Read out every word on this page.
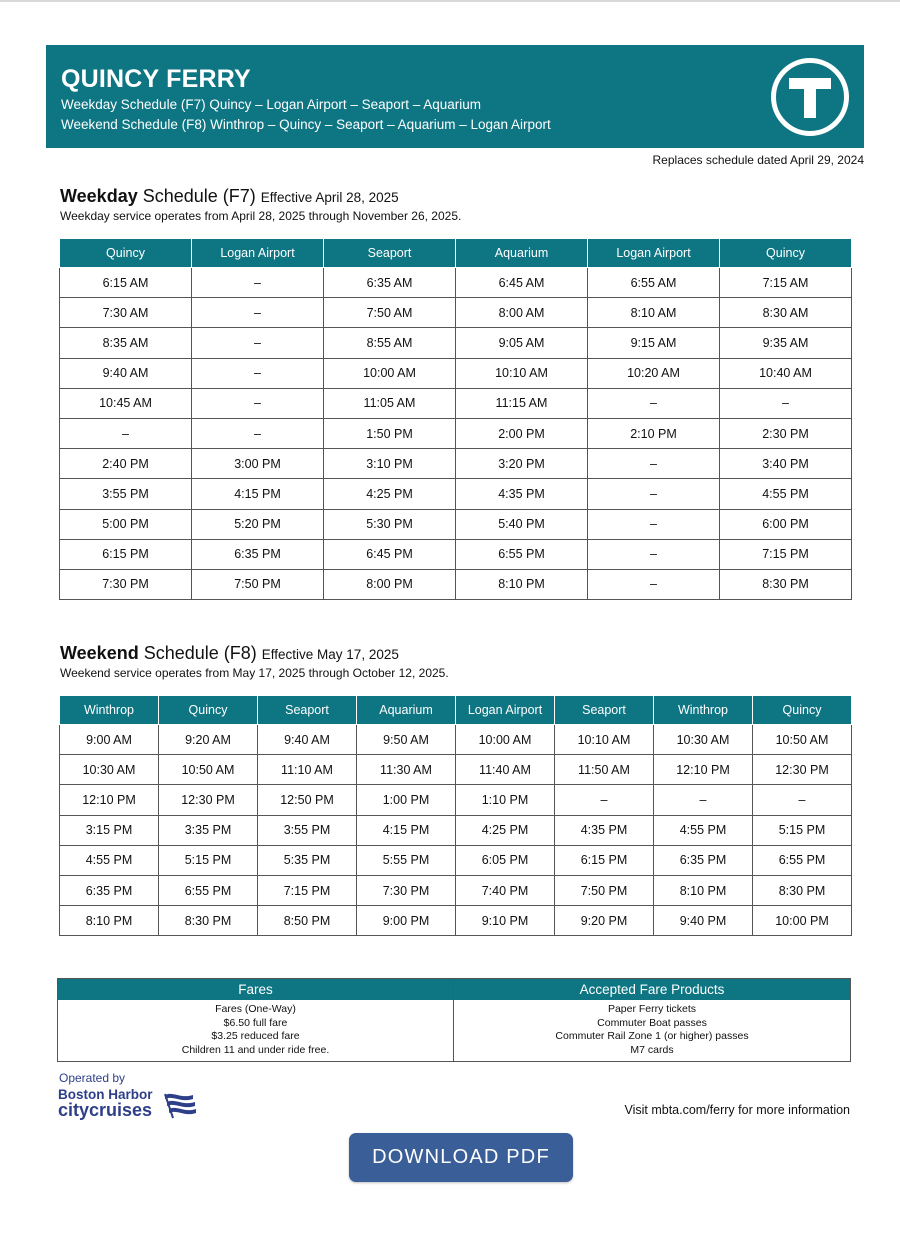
QUINCY FERRY
Weekday Schedule (F7) Quincy – Logan Airport – Seaport – Aquarium
Weekend Schedule (F8) Winthrop – Quincy – Seaport – Aquarium – Logan Airport
Replaces schedule dated April 29, 2024
Weekday Schedule (F7) Effective April 28, 2025
Weekday service operates from April 28, 2025 through November 26, 2025.
Quincy	Logan Airport	Seaport	Aquarium	Logan Airport	Quincy
6:15 AM	–	6:35 AM	6:45 AM	6:55 AM	7:15 AM
7:30 AM	–	7:50 AM	8:00 AM	8:10 AM	8:30 AM
8:35 AM	–	8:55 AM	9:05 AM	9:15 AM	9:35 AM
9:40 AM	–	10:00 AM	10:10 AM	10:20 AM	10:40 AM
10:45 AM	–	11:05 AM	11:15 AM	–	–
–	–	1:50 PM	2:00 PM	2:10 PM	2:30 PM
2:40 PM	3:00 PM	3:10 PM	3:20 PM	–	3:40 PM
3:55 PM	4:15 PM	4:25 PM	4:35 PM	–	4:55 PM
5:00 PM	5:20 PM	5:30 PM	5:40 PM	–	6:00 PM
6:15 PM	6:35 PM	6:45 PM	6:55 PM	–	7:15 PM
7:30 PM	7:50 PM	8:00 PM	8:10 PM	–	8:30 PM
Weekend Schedule (F8) Effective May 17, 2025
Weekend service operates from May 17, 2025 through October 12, 2025.
Winthrop	Quincy	Seaport	Aquarium	Logan Airport	Seaport	Winthrop	Quincy
9:00 AM	9:20 AM	9:40 AM	9:50 AM	10:00 AM	10:10 AM	10:30 AM	10:50 AM
10:30 AM	10:50 AM	11:10 AM	11:30 AM	11:40 AM	11:50 AM	12:10 PM	12:30 PM
12:10 PM	12:30 PM	12:50 PM	1:00 PM	1:10 PM	–	–	–
3:15 PM	3:35 PM	3:55 PM	4:15 PM	4:25 PM	4:35 PM	4:55 PM	5:15 PM
4:55 PM	5:15 PM	5:35 PM	5:55 PM	6:05 PM	6:15 PM	6:35 PM	6:55 PM
6:35 PM	6:55 PM	7:15 PM	7:30 PM	7:40 PM	7:50 PM	8:10 PM	8:30 PM
8:10 PM	8:30 PM	8:50 PM	9:00 PM	9:10 PM	9:20 PM	9:40 PM	10:00 PM
Fares
Fares (One-Way)
$6.50 full fare
$3.25 reduced fare
Children 11 and under ride free.
Accepted Fare Products
Paper Ferry tickets
Commuter Boat passes
Commuter Rail Zone 1 (or higher) passes
M7 cards
Operated by
Boston Harbor
citycruises	Visit mbta.com/ferry for more information
DOWNLOAD PDF
